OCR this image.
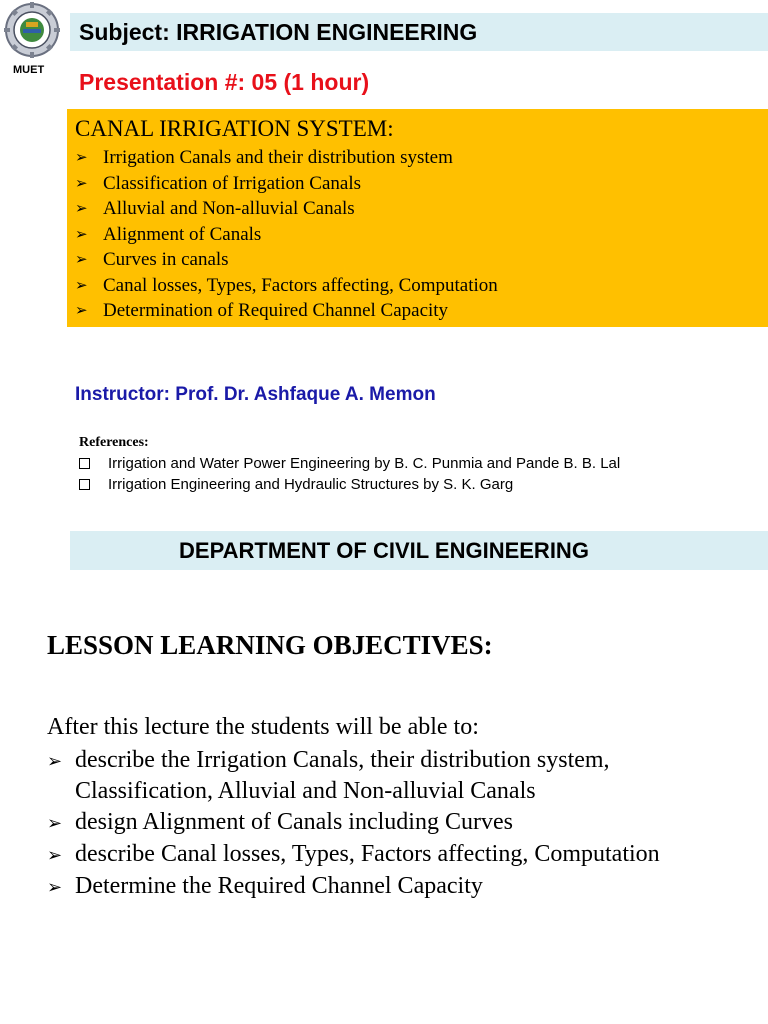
MUET
Subject: IRRIGATION ENGINEERING
Presentation #: 05 (1 hour)
CANAL IRRIGATION SYSTEM:
➢ Irrigation Canals and their distribution system
➢ Classification of Irrigation Canals
➢ Alluvial and Non-alluvial Canals
➢ Alignment of Canals
➢ Curves in canals
➢ Canal losses, Types, Factors affecting, Computation
➢ Determination of Required Channel Capacity
Instructor: Prof. Dr. Ashfaque A. Memon
References:
Irrigation and Water Power Engineering by B. C. Punmia and Pande B. B. Lal
Irrigation Engineering and Hydraulic Structures by S. K. Garg
DEPARTMENT OF CIVIL ENGINEERING
LESSON LEARNING OBJECTIVES:
After this lecture the students will be able to:
➢ describe the Irrigation Canals, their distribution system,
Classification, Alluvial and Non-alluvial Canals
➢ design Alignment of Canals including Curves
➢ describe Canal losses, Types, Factors affecting, Computation
➢ Determine the Required Channel Capacity
